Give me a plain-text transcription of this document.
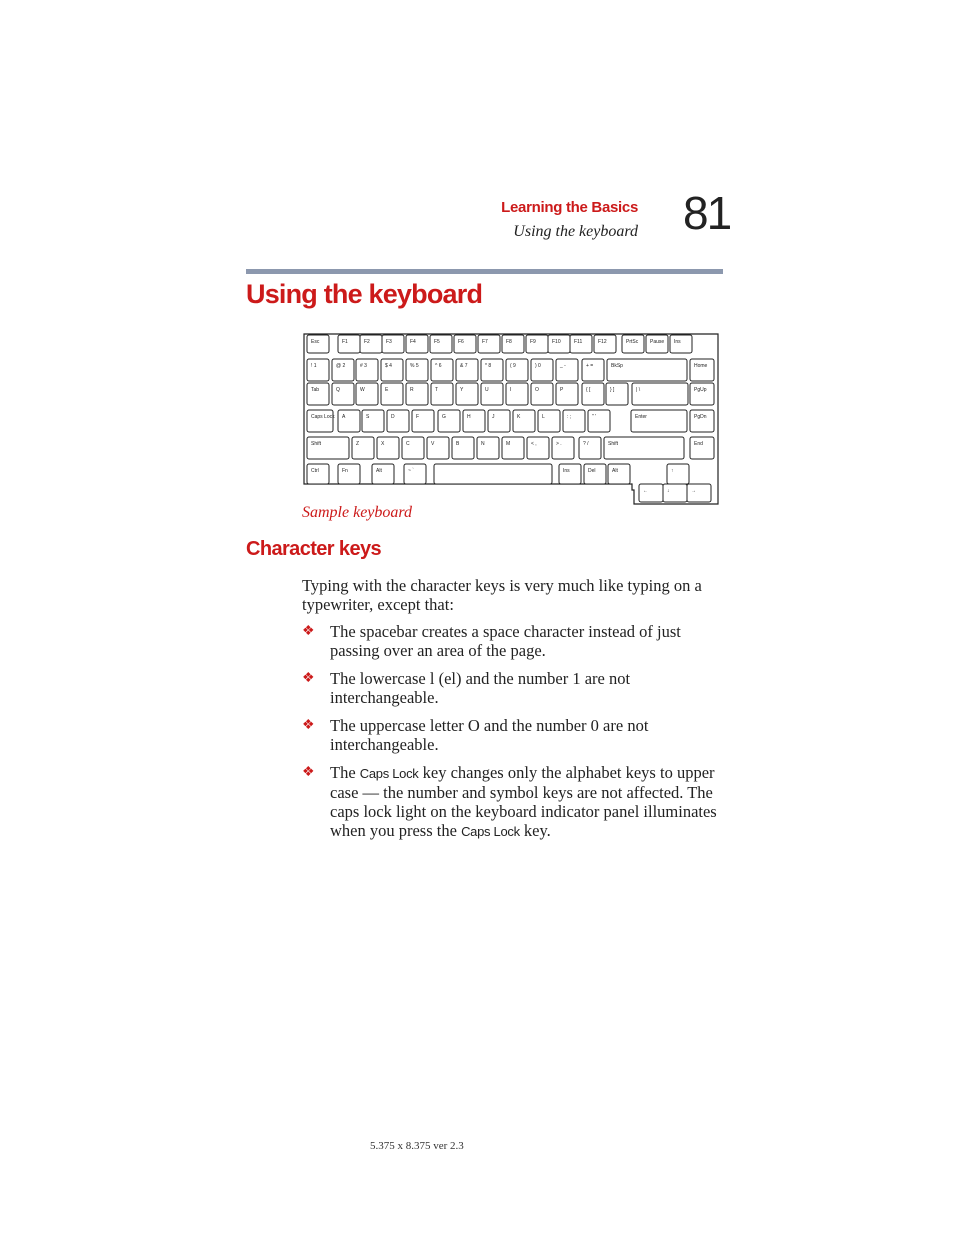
Learning the Basics
Using the keyboard 81
Using the keyboard
Esc	F1	F2	F3	F4	F5	F6	F7	F8	F9	F10	F11	F12	PrtSc Pause Ins
! 1	@ 2	# 3	$ 4	% 5	^ 6	& 7	* 8	( 9	) 0	_ -	+ =	BkSp	Home
Tab	Q	W	E	R	T	Y	U	I	O	P	{ [	} ]	| \	PgUp
Caps Lock A	S	D	F	G	H	J	K	L	: ;	" '	Enter	PgDn
Shift	Z	X	C	V	B	N	M	< ,	> .	? /	Shift	End
Ctrl	Fn	Alt	~ `	Ins	Del	Alt	↑
←	↓	→
Sample keyboard
Character keys

Typing with the character keys is very much like typing on a typewriter, except that:

❖ The spacebar creates a space character instead of just passing over an area of the page.
❖ The lowercase l (el) and the number 1 are not interchangeable.
❖ The uppercase letter O and the number 0 are not interchangeable.
❖ The Caps Lock key changes only the alphabet keys to upper case — the number and symbol keys are not affected. The caps lock light on the keyboard indicator panel illuminates when you press the Caps Lock key.
5.375 x 8.375 ver 2.3
